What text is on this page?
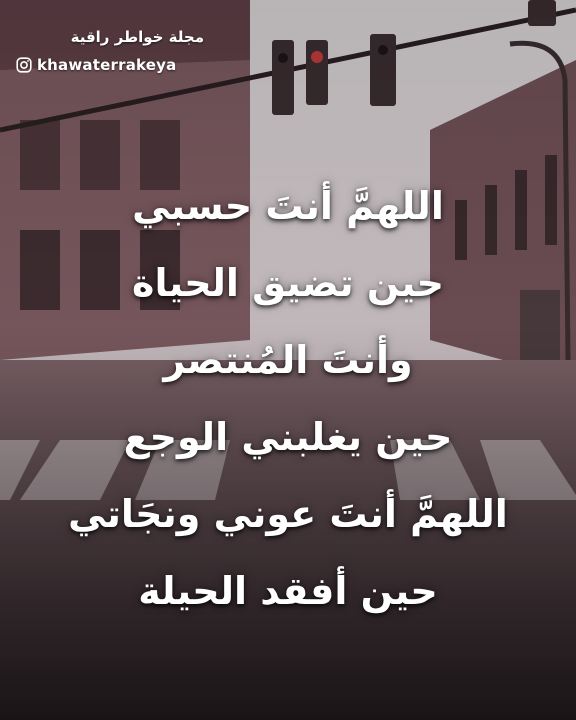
مجلة خواطر راقية
khawaterrakeya
اللهمَّ أنتَ حسبي
حين تضيق الحياة
وأنتَ المُنتصر
حين يغلبني الوجع
اللهمَّ أنتَ عوني ونجَاتي
حين أفقد الحيلة
